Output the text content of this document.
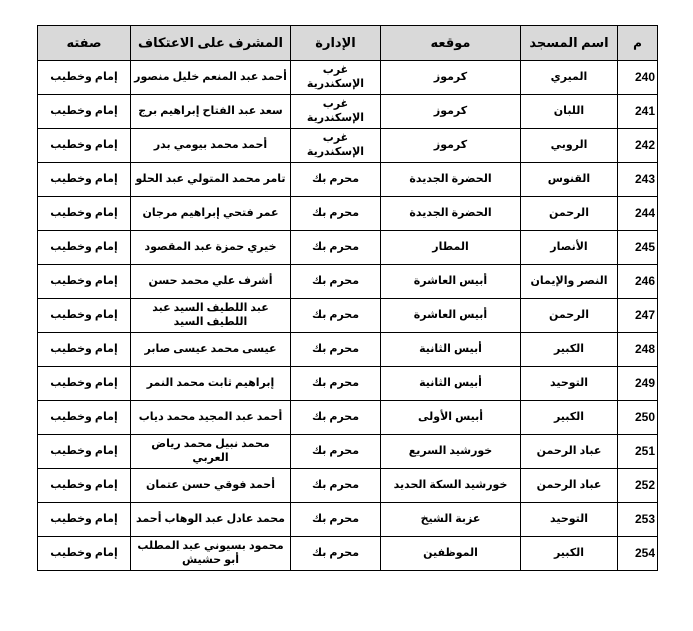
م	اسم المسجد	موقعه	الإدارة	المشرف على الاعتكاف	صفته
240	الميري	كرموز	غرب الإسكندرية	أحمد عبد المنعم خليل منصور	إمام وخطيب
241	اللبان	كرموز	غرب الإسكندرية	سعد عبد الفتاح إبراهيم برج	إمام وخطيب
242	الروبي	كرموز	غرب الإسكندرية	أحمد محمد بيومي بدر	إمام وخطيب
243	القنوس	الحضرة الجديدة	محرم بك	تامر محمد المتولي عبد الحلو	إمام وخطيب
244	الرحمن	الحضرة الجديدة	محرم بك	عمر فتحي إبراهيم مرجان	إمام وخطيب
245	الأنصار	المطار	محرم بك	خيري حمزة عبد المقصود	إمام وخطيب
246	النصر والإيمان	أبيس العاشرة	محرم بك	أشرف علي محمد حسن	إمام وخطيب
247	الرحمن	أبيس العاشرة	محرم بك	عبد اللطيف السيد عبد اللطيف السيد	إمام وخطيب
248	الكبير	أبيس الثانية	محرم بك	عيسى محمد عيسى صابر	إمام وخطيب
249	التوحيد	أبيس الثانية	محرم بك	إبراهيم ثابت محمد النمر	إمام وخطيب
250	الكبير	أبيس الأولى	محرم بك	أحمد عبد المجيد محمد دياب	إمام وخطيب
251	عباد الرحمن	خورشيد السريع	محرم بك	محمد نبيل محمد رياض العربي	إمام وخطيب
252	عباد الرحمن	خورشيد السكة الحديد	محرم بك	أحمد فوقي حسن عتمان	إمام وخطيب
253	التوحيد	عزبة الشيخ	محرم بك	محمد عادل عبد الوهاب أحمد	إمام وخطيب
254	الكبير	الموظفين	محرم بك	محمود بسيوني عبد المطلب أبو حشيش	إمام وخطيب
